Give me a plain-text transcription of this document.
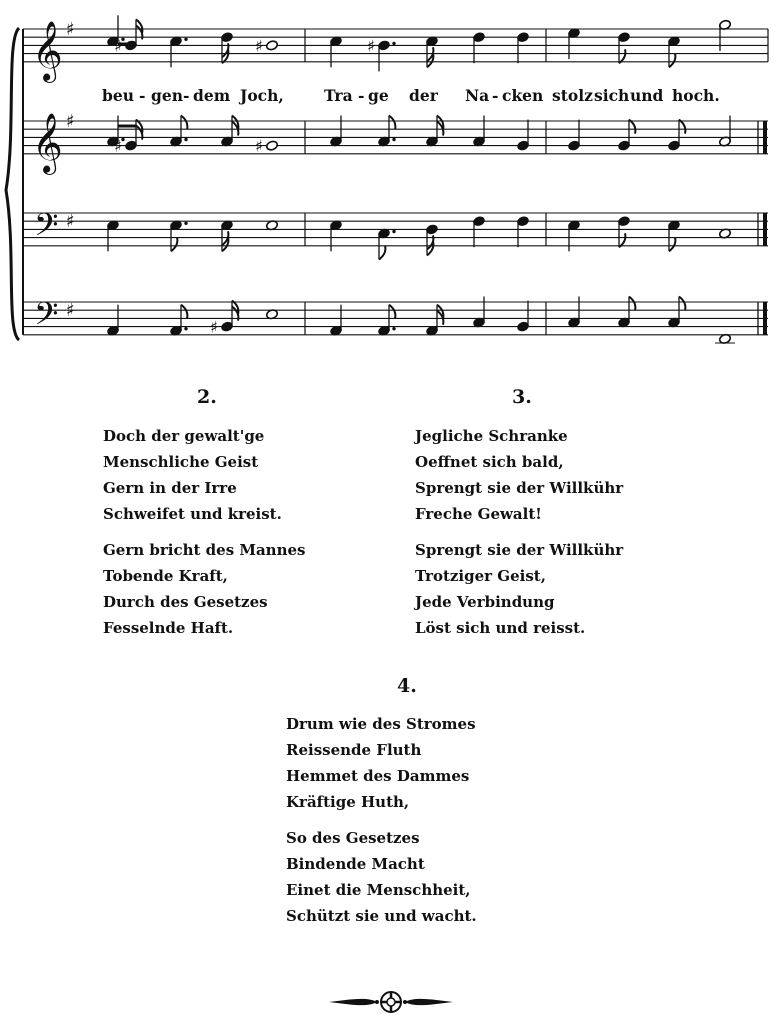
𝄞 ♯
𝄞 ♯
𝄢 ♯
𝄢 ♯
♯	♯	♯
♯	♯
♯
beu - gen - dem Joch,	Tra - ge der Na - cken stolz sich und hoch.
2.
Doch der gewalt'ge
Menschliche Geist
Gern in der Irre
Schweifet und kreist.
Gern bricht des Mannes
Tobende Kraft,
Durch des Gesetzes
Fesselnde Haft.
3.
Jegliche Schranke
Oeffnet sich bald,
Sprengt sie der Willkühr
Freche Gewalt!
Sprengt sie der Willkühr
Trotziger Geist,
Jede Verbindung
Löst sich und reisst.
4.
Drum wie des Stromes
Reissende Fluth
Hemmet des Dammes
Kräftige Huth,
So des Gesetzes
Bindende Macht
Einet die Menschheit,
Schützt sie und wacht.
